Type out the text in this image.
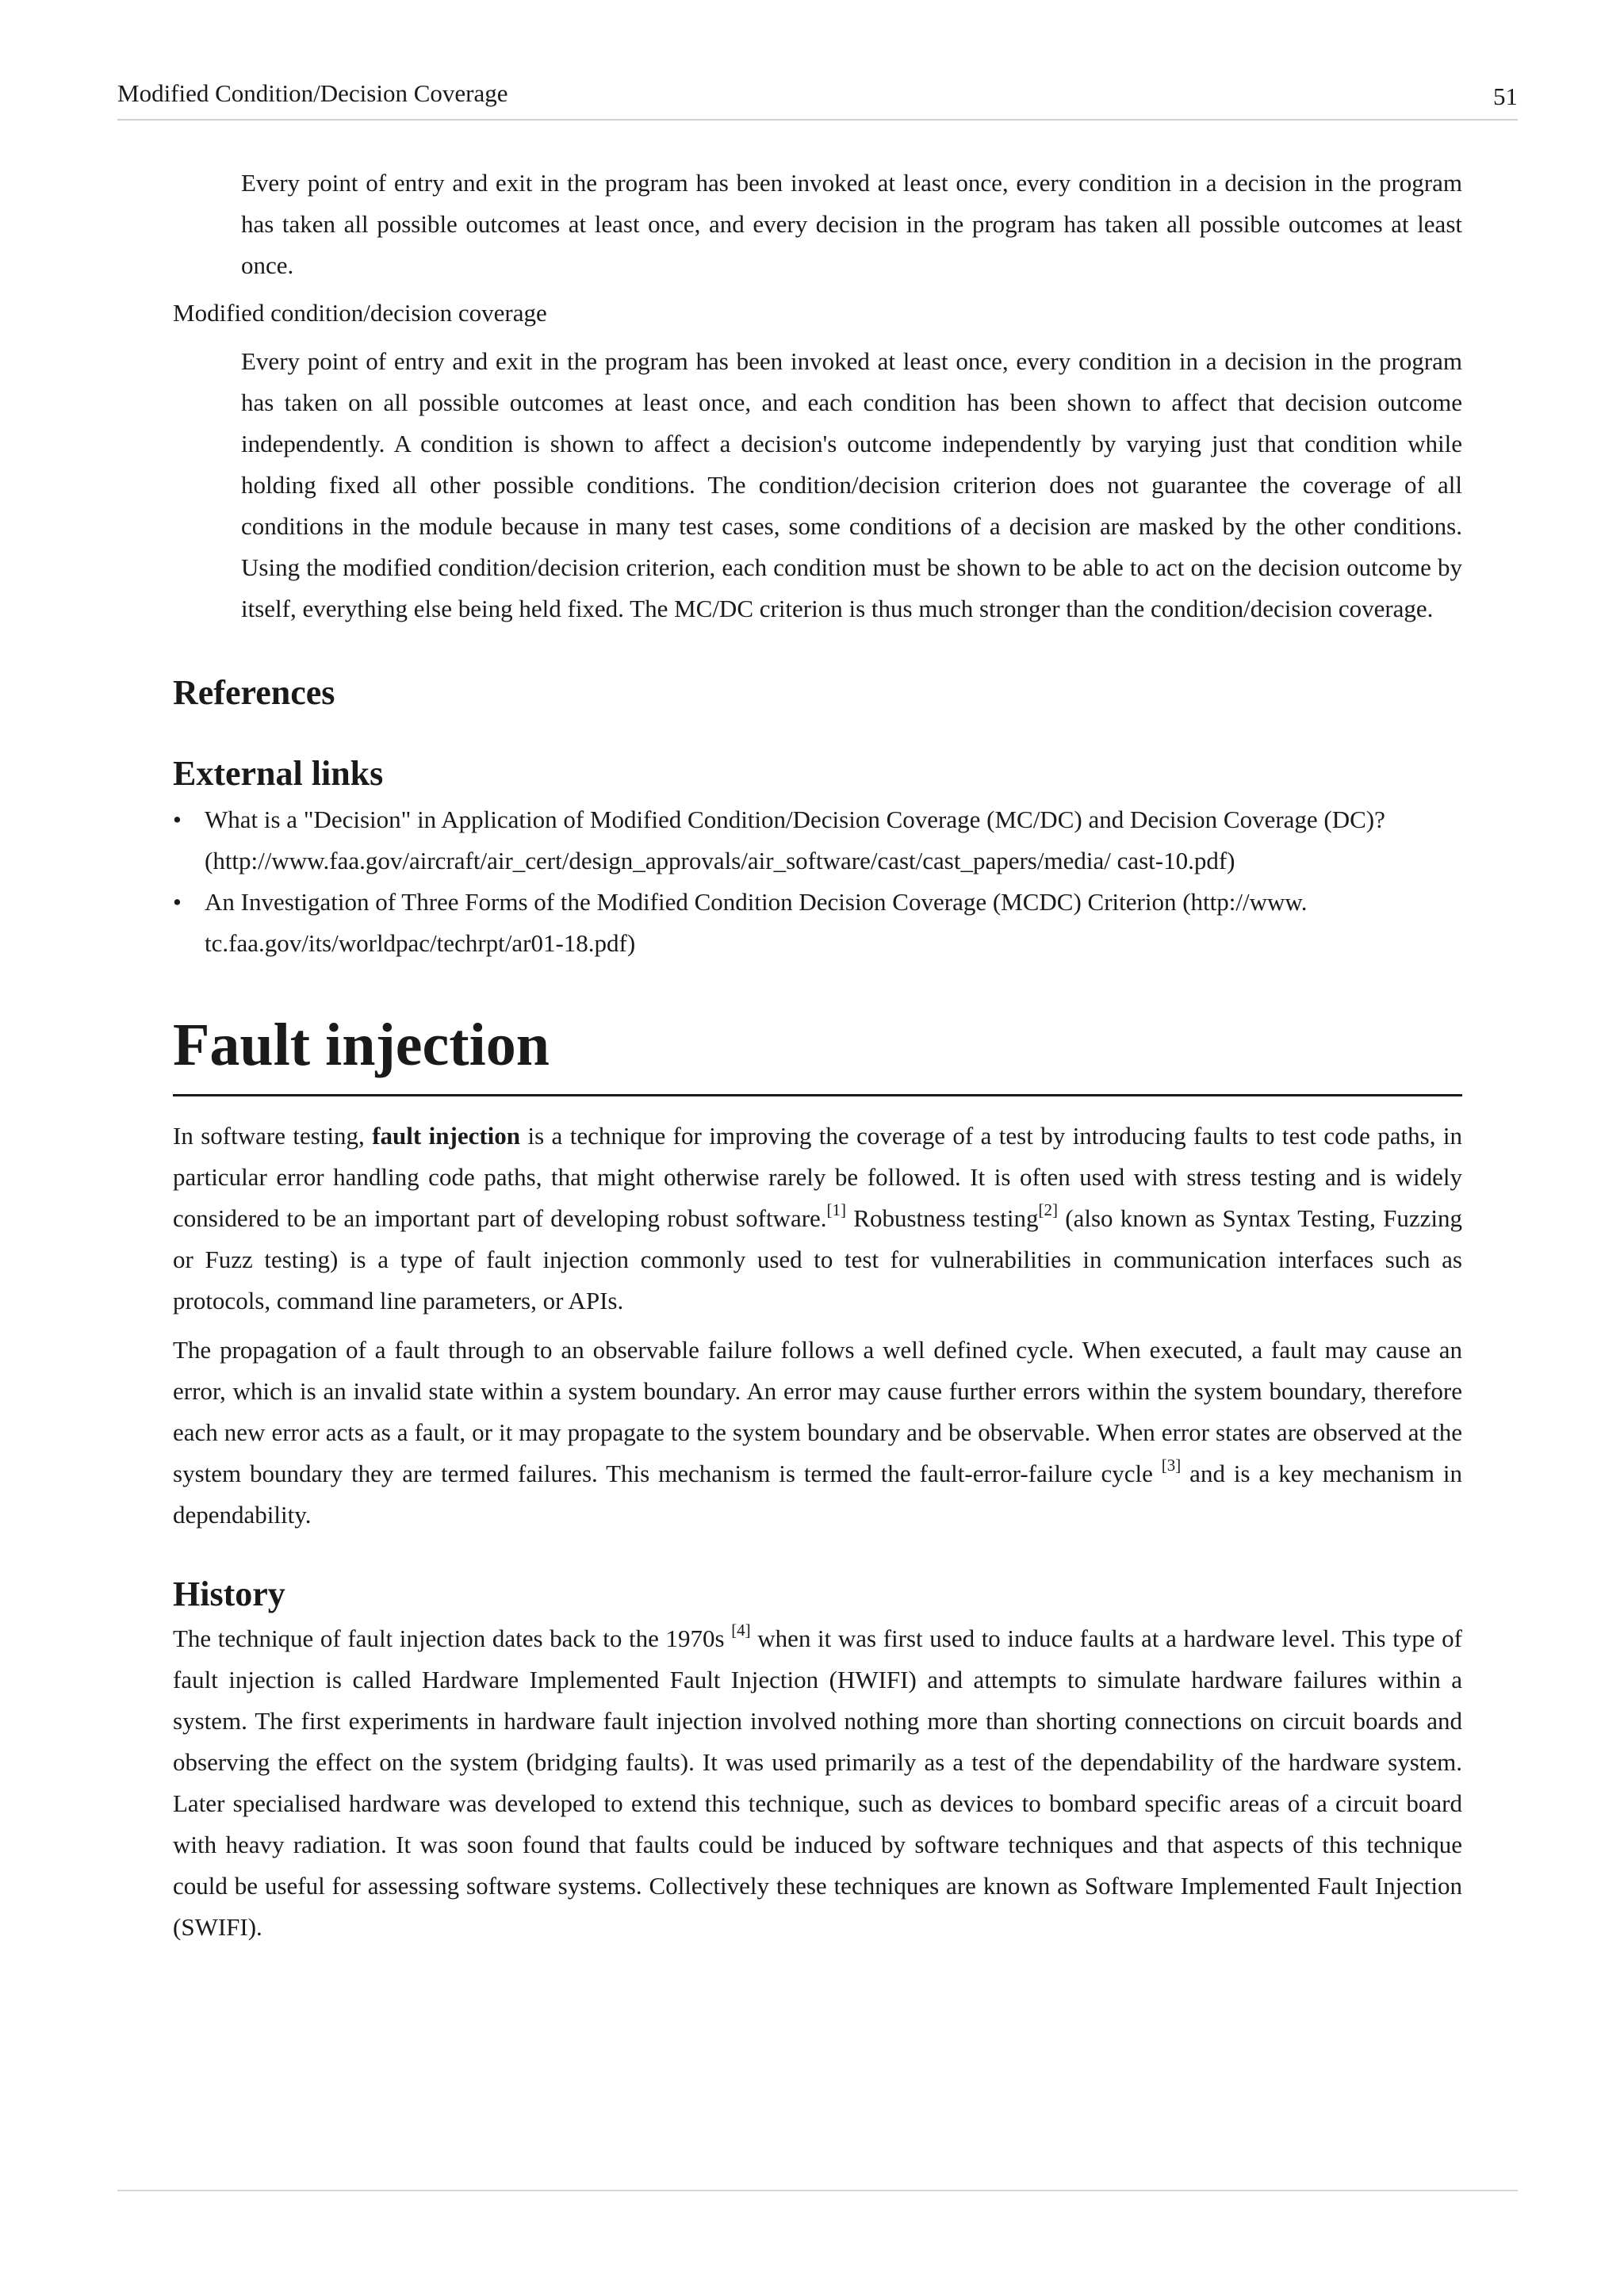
Modified Condition/Decision Coverage	51
Every point of entry and exit in the program has been invoked at least once, every condition in a decision in the program has taken all possible outcomes at least once, and every decision in the program has taken all possible outcomes at least once.
Modified condition/decision coverage
Every point of entry and exit in the program has been invoked at least once, every condition in a decision in the program has taken on all possible outcomes at least once, and each condition has been shown to affect that decision outcome independently. A condition is shown to affect a decision's outcome independently by varying just that condition while holding fixed all other possible conditions. The condition/decision criterion does not guarantee the coverage of all conditions in the module because in many test cases, some conditions of a decision are masked by the other conditions. Using the modified condition/decision criterion, each condition must be shown to be able to act on the decision outcome by itself, everything else being held fixed. The MC/DC criterion is thus much stronger than the condition/decision coverage.
References
External links
• What is a "Decision" in Application of Modified Condition/Decision Coverage (MC/DC) and Decision Coverage (DC)? (http://www.faa.gov/aircraft/air_cert/design_approvals/air_software/cast/cast_papers/media/ cast-10.pdf)
• An Investigation of Three Forms of the Modified Condition Decision Coverage (MCDC) Criterion (http://www. tc.faa.gov/its/worldpac/techrpt/ar01-18.pdf)
Fault injection

In software testing, fault injection is a technique for improving the coverage of a test by introducing faults to test code paths, in particular error handling code paths, that might otherwise rarely be followed. It is often used with stress testing and is widely considered to be an important part of developing robust software.[1] Robustness testing[2] (also known as Syntax Testing, Fuzzing or Fuzz testing) is a type of fault injection commonly used to test for vulnerabilities in communication interfaces such as protocols, command line parameters, or APIs.

The propagation of a fault through to an observable failure follows a well defined cycle. When executed, a fault may cause an error, which is an invalid state within a system boundary. An error may cause further errors within the system boundary, therefore each new error acts as a fault, or it may propagate to the system boundary and be observable. When error states are observed at the system boundary they are termed failures. This mechanism is termed the fault-error-failure cycle [3] and is a key mechanism in dependability.

History

The technique of fault injection dates back to the 1970s [4] when it was first used to induce faults at a hardware level. This type of fault injection is called Hardware Implemented Fault Injection (HWIFI) and attempts to simulate hardware failures within a system. The first experiments in hardware fault injection involved nothing more than shorting connections on circuit boards and observing the effect on the system (bridging faults). It was used primarily as a test of the dependability of the hardware system. Later specialised hardware was developed to extend this technique, such as devices to bombard specific areas of a circuit board with heavy radiation. It was soon found that faults could be induced by software techniques and that aspects of this technique could be useful for assessing software systems. Collectively these techniques are known as Software Implemented Fault Injection (SWIFI).
